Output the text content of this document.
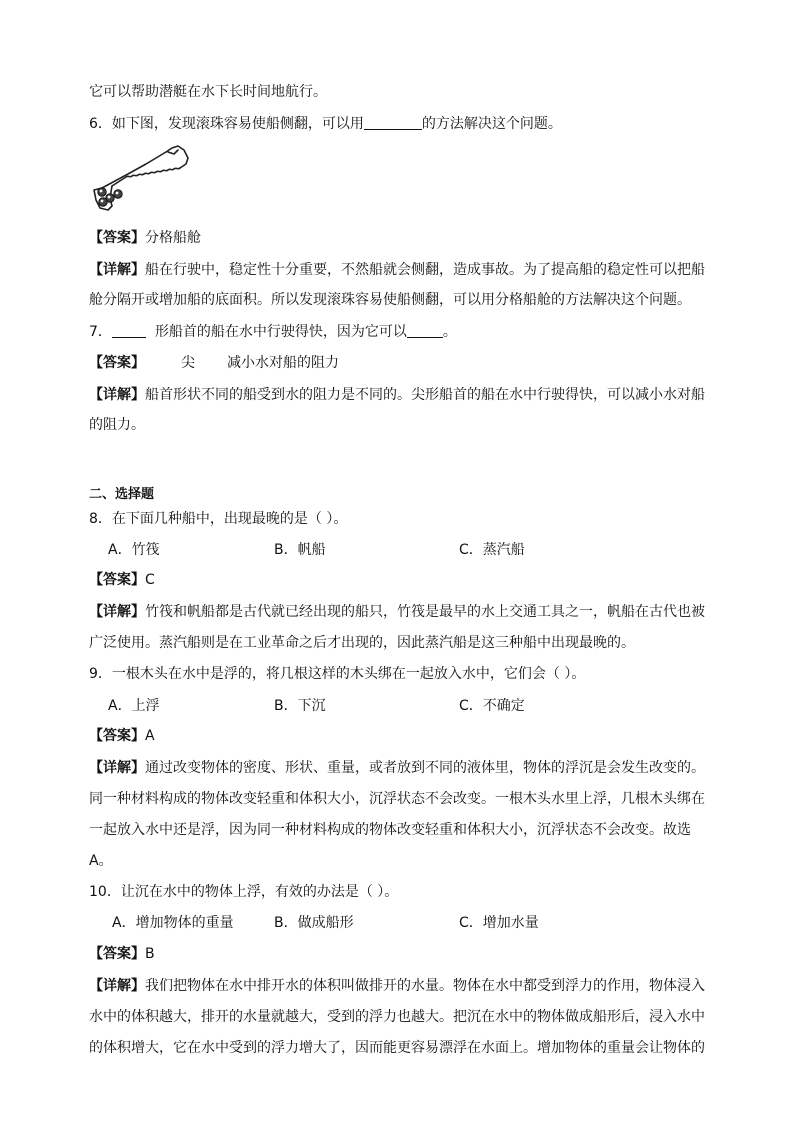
它可以帮助潜艇在水下长时间地航行。
6．如下图，发现滚珠容易使船侧翻，可以用	的方法解决这个问题。
【答案】分格船舱
【详解】船在行驶中，稳定性十分重要，不然船就会侧翻，造成事故。为了提高船的稳定性可以把船
舱分隔开或增加船的底面积。所以发现滚珠容易使船侧翻，可以用分格船舱的方法解决这个问题。
7．	形船首的船在水中行驶得快，因为它可以	。
【答案】	尖 减小水对船的阻力
【详解】船首形状不同的船受到水的阻力是不同的。尖形船首的船在水中行驶得快，可以减小水对船
的阻力。
二、选择题
8．在下面几种船中，出现最晚的是（ ）。
A．竹筏	B．帆船	C．蒸汽船
【答案】C
【详解】竹筏和帆船都是古代就已经出现的船只，竹筏是最早的水上交通工具之一，帆船在古代也被
广泛使用。蒸汽船则是在工业革命之后才出现的，因此蒸汽船是这三种船中出现最晚的。
9．一根木头在水中是浮的，将几根这样的木头绑在一起放入水中，它们会（ ）。
A．上浮	B．下沉	C．不确定
【答案】A
【详解】通过改变物体的密度、形状、重量，或者放到不同的液体里，物体的浮沉是会发生改变的。
同一种材料构成的物体改变轻重和体积大小，沉浮状态不会改变。一根木头水里上浮，几根木头绑在
一起放入水中还是浮，因为同一种材料构成的物体改变轻重和体积大小，沉浮状态不会改变。故选
A。
10．让沉在水中的物体上浮，有效的办法是（ ）。
A．增加物体的重量	B．做成船形	C．增加水量
【答案】B
【详解】我们把物体在水中排开水的体积叫做排开的水量。物体在水中都受到浮力的作用，物体浸入
水中的体积越大，排开的水量就越大，受到的浮力也越大。把沉在水中的物体做成船形后，浸入水中
的体积增大，它在水中受到的浮力增大了，因而能更容易漂浮在水面上。增加物体的重量会让物体的
